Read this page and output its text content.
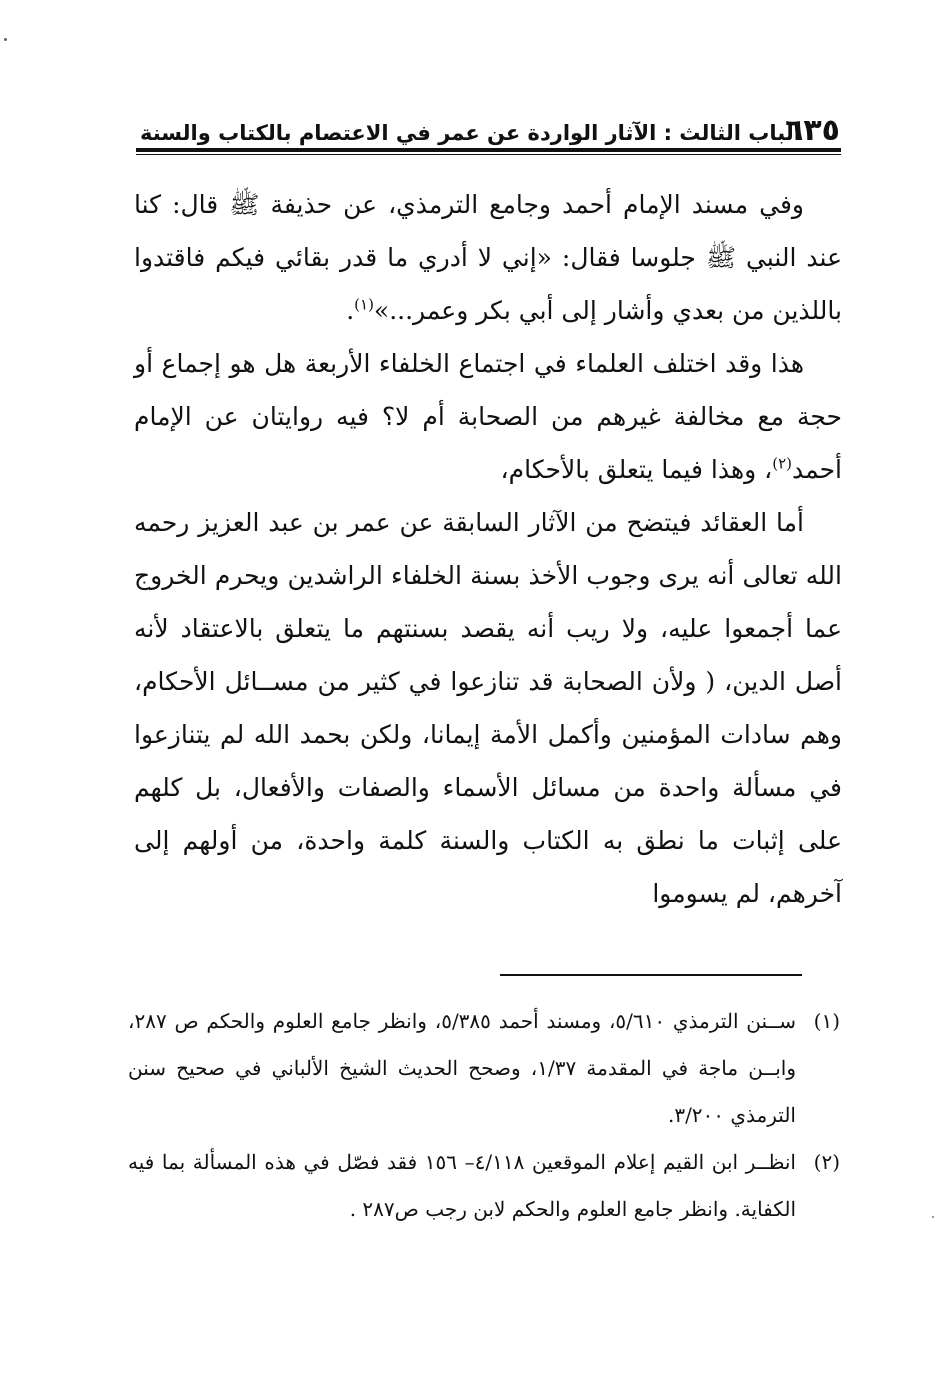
٦٣٥
الباب الثالث : الآثار الواردة عن عمر في الاعتصام بالكتاب والسنة

وفي مسند الإمام أحمد وجامع الترمذي، عن حذيفة ﷺ قال: كنا عند النبي ﷺ جلوسا فقال: «إني لا أدري ما قدر بقائي فيكم فاقتدوا باللذين من بعدي وأشار إلى أبي بكر وعمر...»$^{(١)}$.

هذا وقد اختلف العلماء في اجتماع الخلفاء الأربعة هل هو إجماع أو حجة مع مخالفة غيرهم من الصحابة أم لا؟ فيه روايتان عن الإمام أحمد$^{(٢)}$، وهذا فيما يتعلق بالأحكام،

أما العقائد فيتضح من الآثار السابقة عن عمر بن عبد العزيز رحمه الله تعالى أنه يرى وجوب الأخذ بسنة الخلفاء الراشدين ويحرم الخروج عما أجمعوا عليه، ولا ريب أنه يقصد بسنتهم ما يتعلق بالاعتقاد لأنه أصل الدين، ( ولأن الصحابة قد تنازعوا في كثير من مســائل الأحكام، وهم سادات المؤمنين وأكمل الأمة إيمانا، ولكن بحمد الله لم يتنازعوا في مسألة واحدة من مسائل الأسماء والصفات والأفعال، بل كلهم على إثبات ما نطق به الكتاب والسنة كلمة واحدة، من أولهم إلى آخرهم، لم يسوموا

(١)
ســنن الترمذي ٥/٦١٠، ومسند أحمد ٥/٣٨٥، وانظر جامع العلوم والحكم ص ٢٨٧، وابــن ماجة في المقدمة ١/٣٧، وصحح الحديث الشيخ الألباني في صحيح سنن الترمذي ٣/٢٠٠.
(٢)
انظــر ابن القيم إعلام الموقعين ٤/١١٨– ١٥٦ فقد فصّل في هذه المسألة بما فيه الكفاية. وانظر جامع العلوم والحكم لابن رجب ص٢٨٧ .
